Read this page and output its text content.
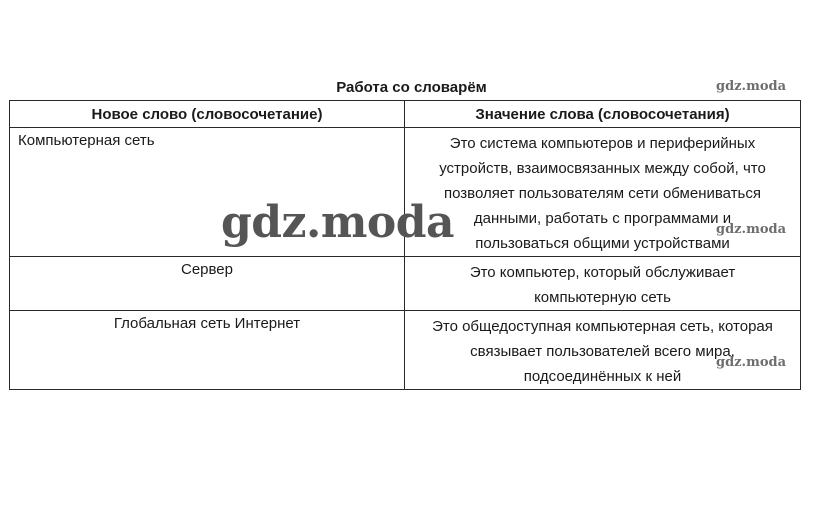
Работа со словарём
Новое слово (словосочетание)	Значение слова (словосочетания)

Компьютерная сеть	Это система компьютеров и периферийных
устройств, взаимосвязанных между собой, что
позволяет пользователям сети обмениваться
данными, работать с программами и
пользоваться общими устройствами

Сервер	Это компьютер, который обслуживает
компьютерную сеть

Глобальная сеть Интернет	Это общедоступная компьютерная сеть, которая
связывает пользователей всего мира,
подсоединённых к ней
gdz.moda
gdz.moda
gdz.moda
gdz.moda
